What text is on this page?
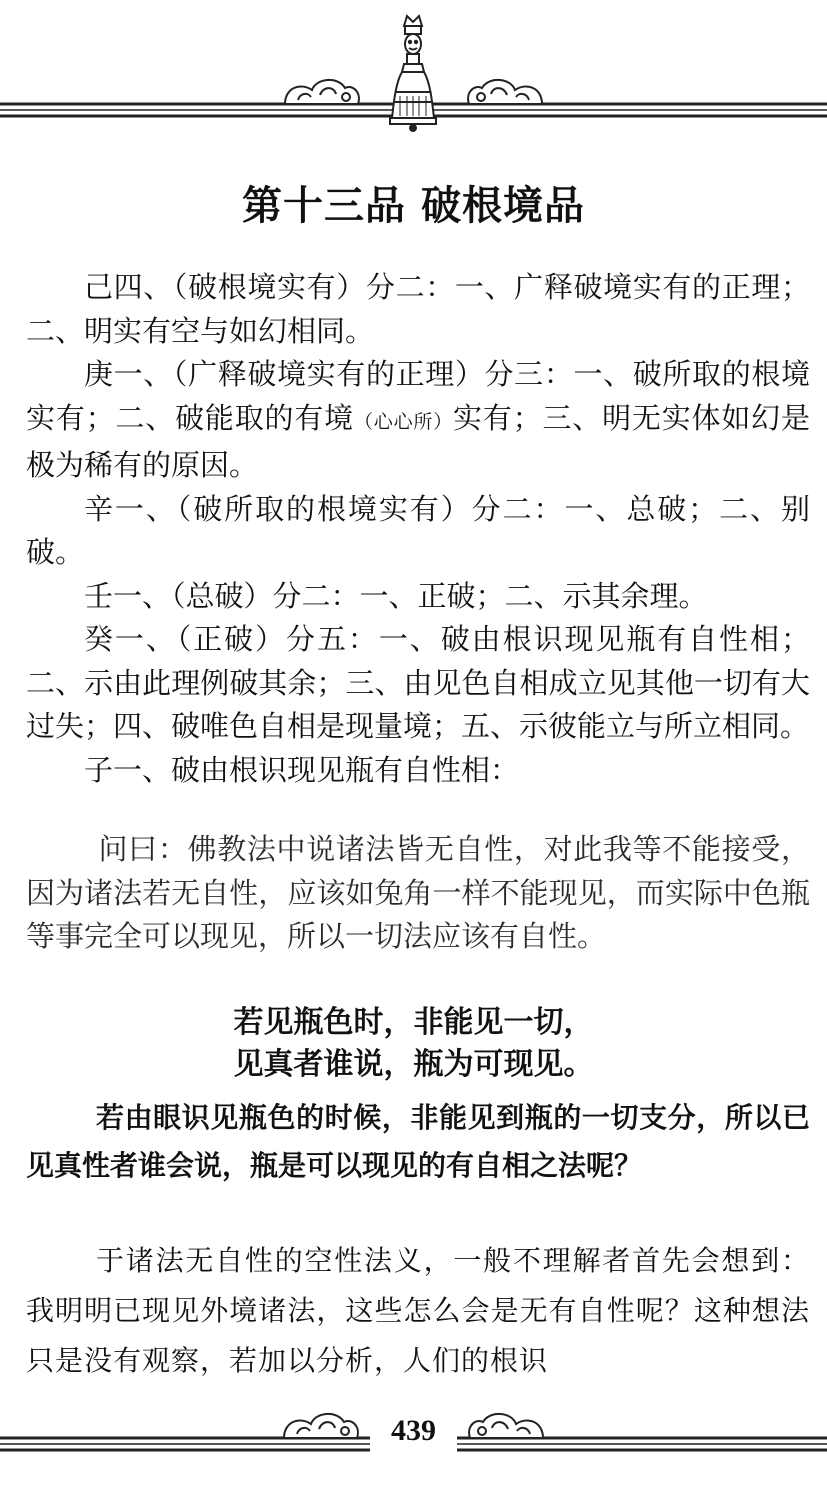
第十三品 破根境品

己四、（破根境实有）分二：一、广释破境实有的正理；二、明实有空与如幻相同。

庚一、（广释破境实有的正理）分三：一、破所取的根境实有；二、破能取的有境（心心所）实有；三、明无实体如幻是极为稀有的原因。

辛一、（破所取的根境实有）分二：一、总破；二、别破。

壬一、（总破）分二：一、正破；二、示其余理。

癸一、（正破）分五：一、破由根识现见瓶有自性相；二、示由此理例破其余；三、由见色自相成立见其他一切有大过失；四、破唯色自相是现量境；五、示彼能立与所立相同。

子一、破由根识现见瓶有自性相：

问曰：佛教法中说诸法皆无自性，对此我等不能接受，因为诸法若无自性，应该如兔角一样不能现见，而实际中色瓶等事完全可以现见，所以一切法应该有自性。

若见瓶色时，非能见一切，
见真者谁说，瓶为可现见。

若由眼识见瓶色的时候，非能见到瓶的一切支分，所以已见真性者谁会说，瓶是可以现见的有自相之法呢？

于诸法无自性的空性法义，一般不理解者首先会想到：我明明已现见外境诸法，这些怎么会是无有自性呢？这种想法只是没有观察，若加以分析，人们的根识

439
